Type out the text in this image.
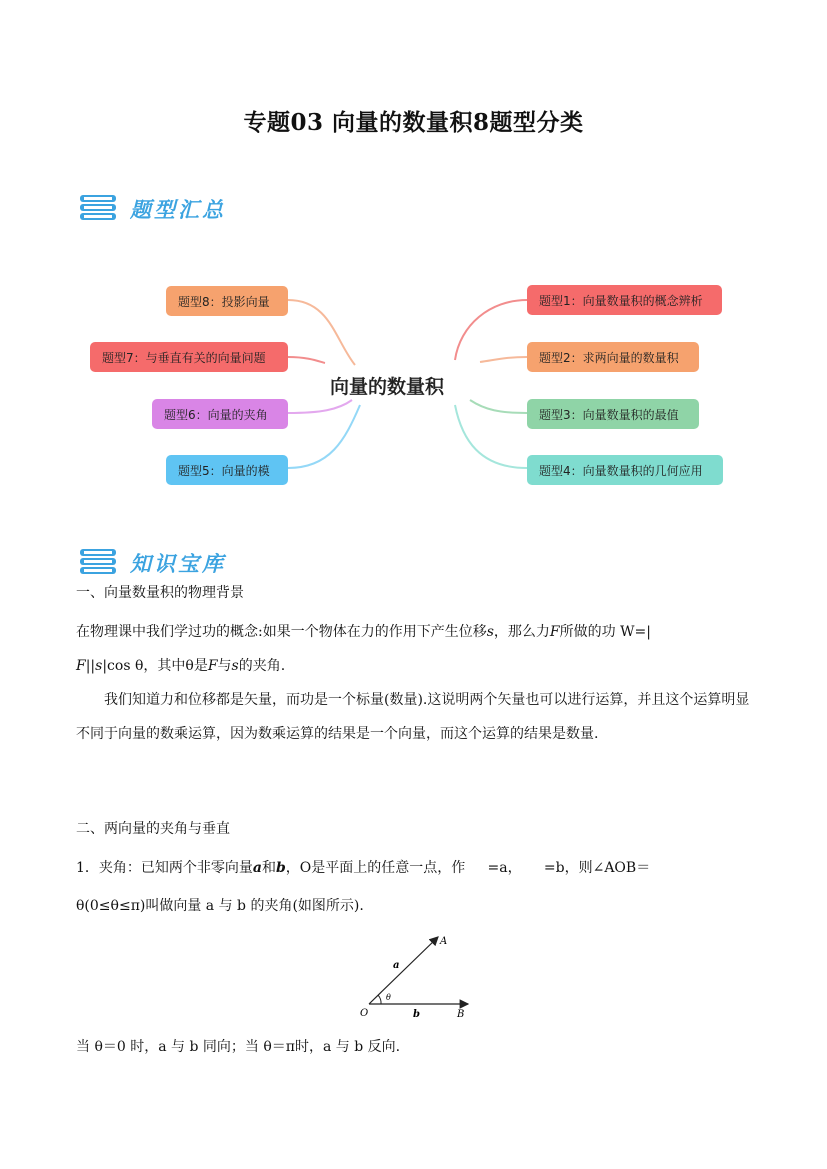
专题03 向量的数量积8题型分类
题型汇总
题型8：投影向量
题型7：与垂直有关的向量问题
题型6：向量的夹角
题型5：向量的模
向量的数量积
题型1：向量数量积的概念辨析
题型2：求两向量的数量积
题型3：向量数量积的最值
题型4：向量数量积的几何应用
知识宝库
一、向量数量积的物理背景
在物理课中我们学过功的概念:如果一个物体在力的作用下产生位移s，那么力F所做的功 W=|
F||s|cos θ，其中θ是F与s的夹角.
我们知道力和位移都是矢量，而功是一个标量(数量).这说明两个矢量也可以进行运算，并且这个运算明显不同于向量的数乘运算，因为数乘运算的结果是一个向量，而这个运算的结果是数量.
二、两向量的夹角与垂直
1．夹角：已知两个非零向量a和b，O是平面上的任意一点，作 =a， =b，则∠AOB＝
θ(0≤θ≤π)叫做向量 a 与 b 的夹角(如图所示).
A
B
O
a
b
θ
当 θ＝0 时，a 与 b 同向；当 θ＝π时，a 与 b 反向.
